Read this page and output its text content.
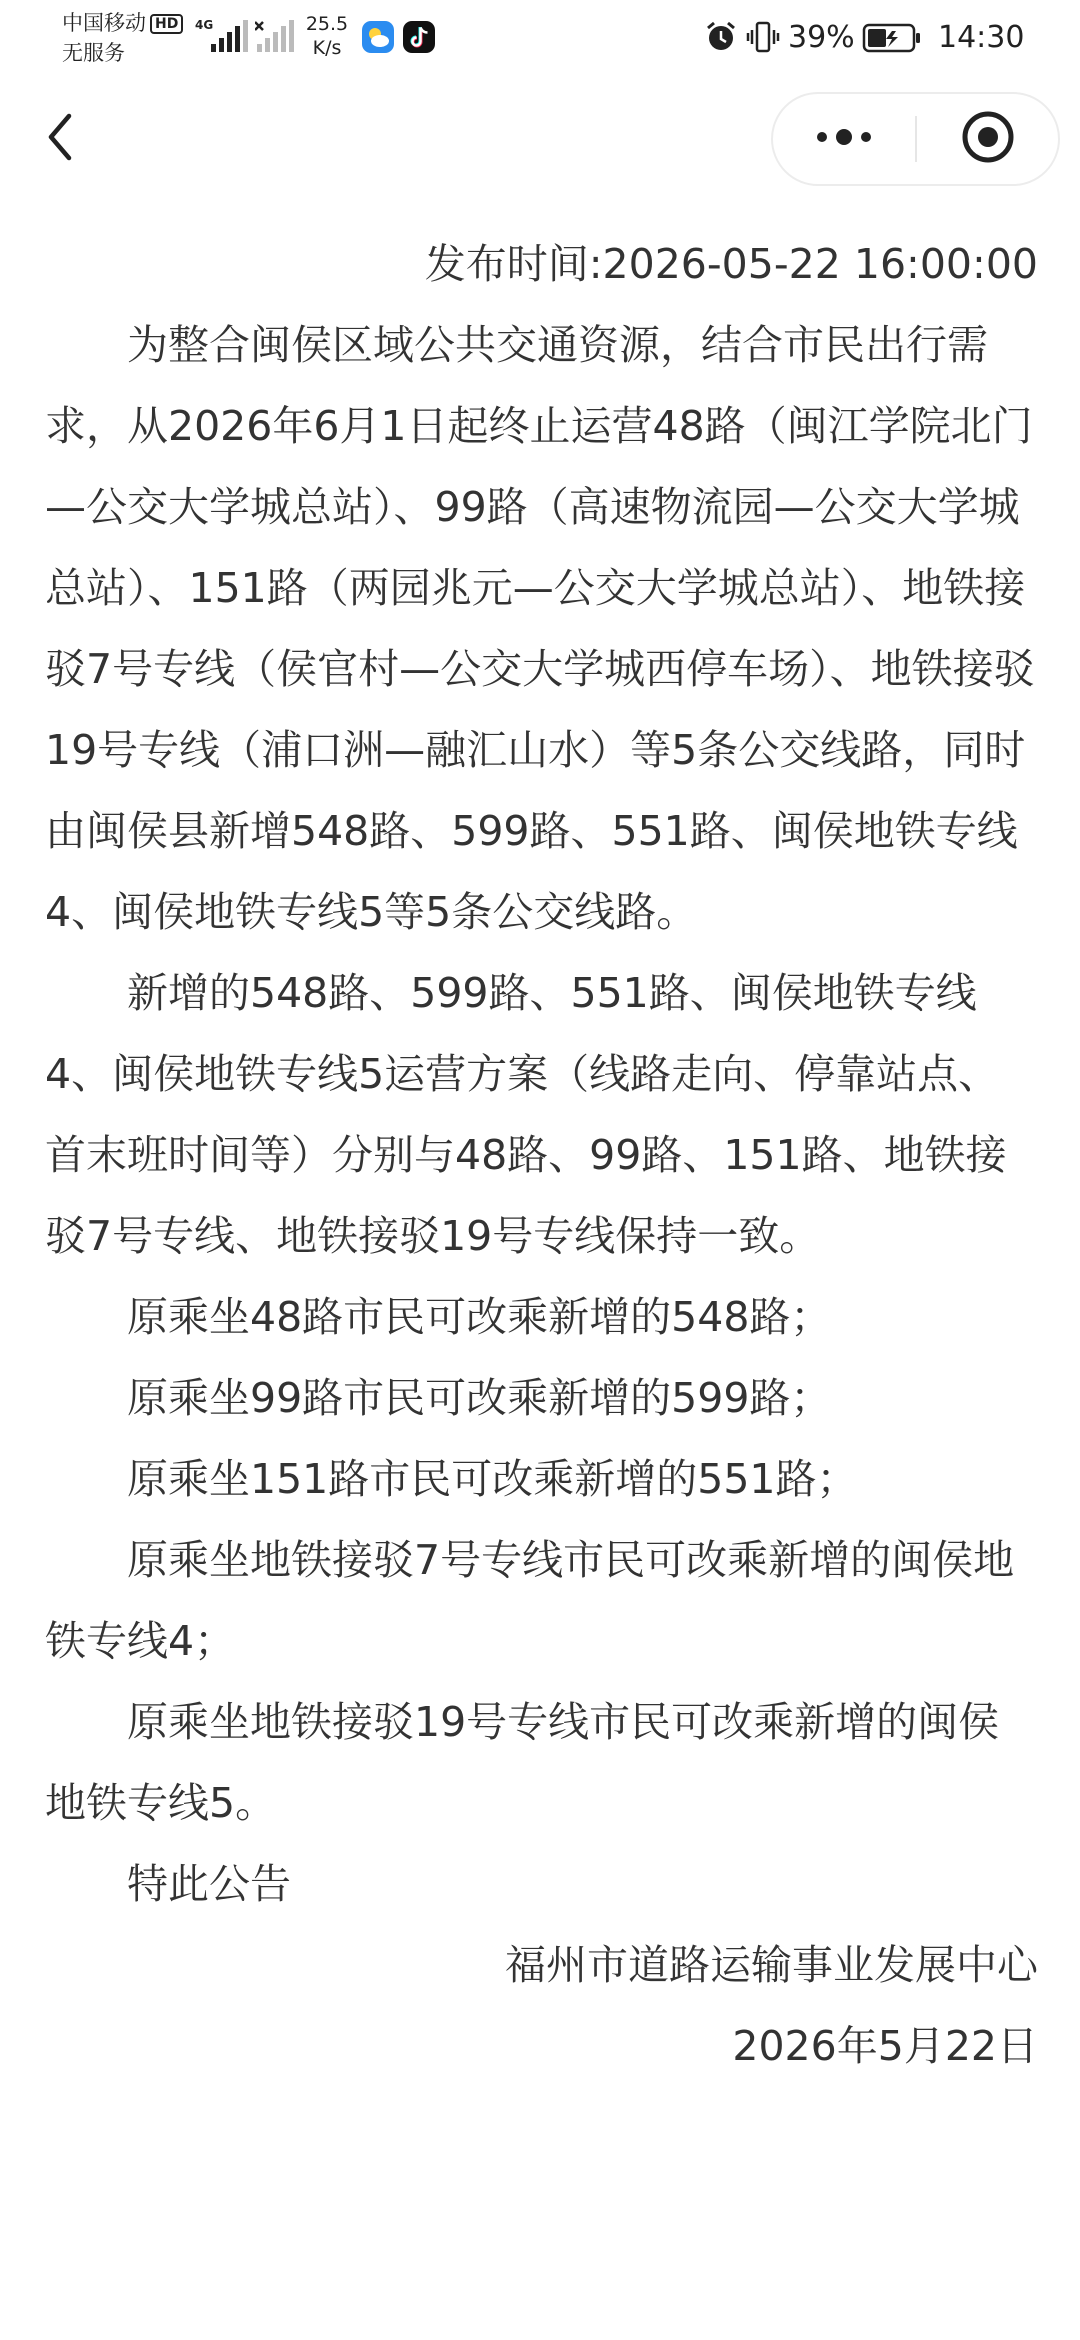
中国移动 HD
无服务
4G	25.5
K/s	39%	14:30

发布时间:2026-05-22 16:00:00

为整合闽侯区域公共交通资源，结合市民出行需求，从2026年6月1日起终止运营48路（闽江学院北门—公交大学城总站）、99路（高速物流园—公交大学城总站）、151路（两园兆元—公交大学城总站）、地铁接驳7号专线（侯官村—公交大学城西停车场）、地铁接驳19号专线（浦口洲—融汇山水）等5条公交线路，同时由闽侯县新增548路、599路、551路、闽侯地铁专线4、闽侯地铁专线5等5条公交线路。

新增的548路、599路、551路、闽侯地铁专线4、闽侯地铁专线5运营方案（线路走向、停靠站点、首末班时间等）分别与48路、99路、151路、地铁接驳7号专线、地铁接驳19号专线保持一致。

原乘坐48路市民可改乘新增的548路；

原乘坐99路市民可改乘新增的599路；

原乘坐151路市民可改乘新增的551路；

原乘坐地铁接驳7号专线市民可改乘新增的闽侯地铁专线4；

原乘坐地铁接驳19号专线市民可改乘新增的闽侯地铁专线5。

特此公告

福州市道路运输事业发展中心

2026年5月22日
